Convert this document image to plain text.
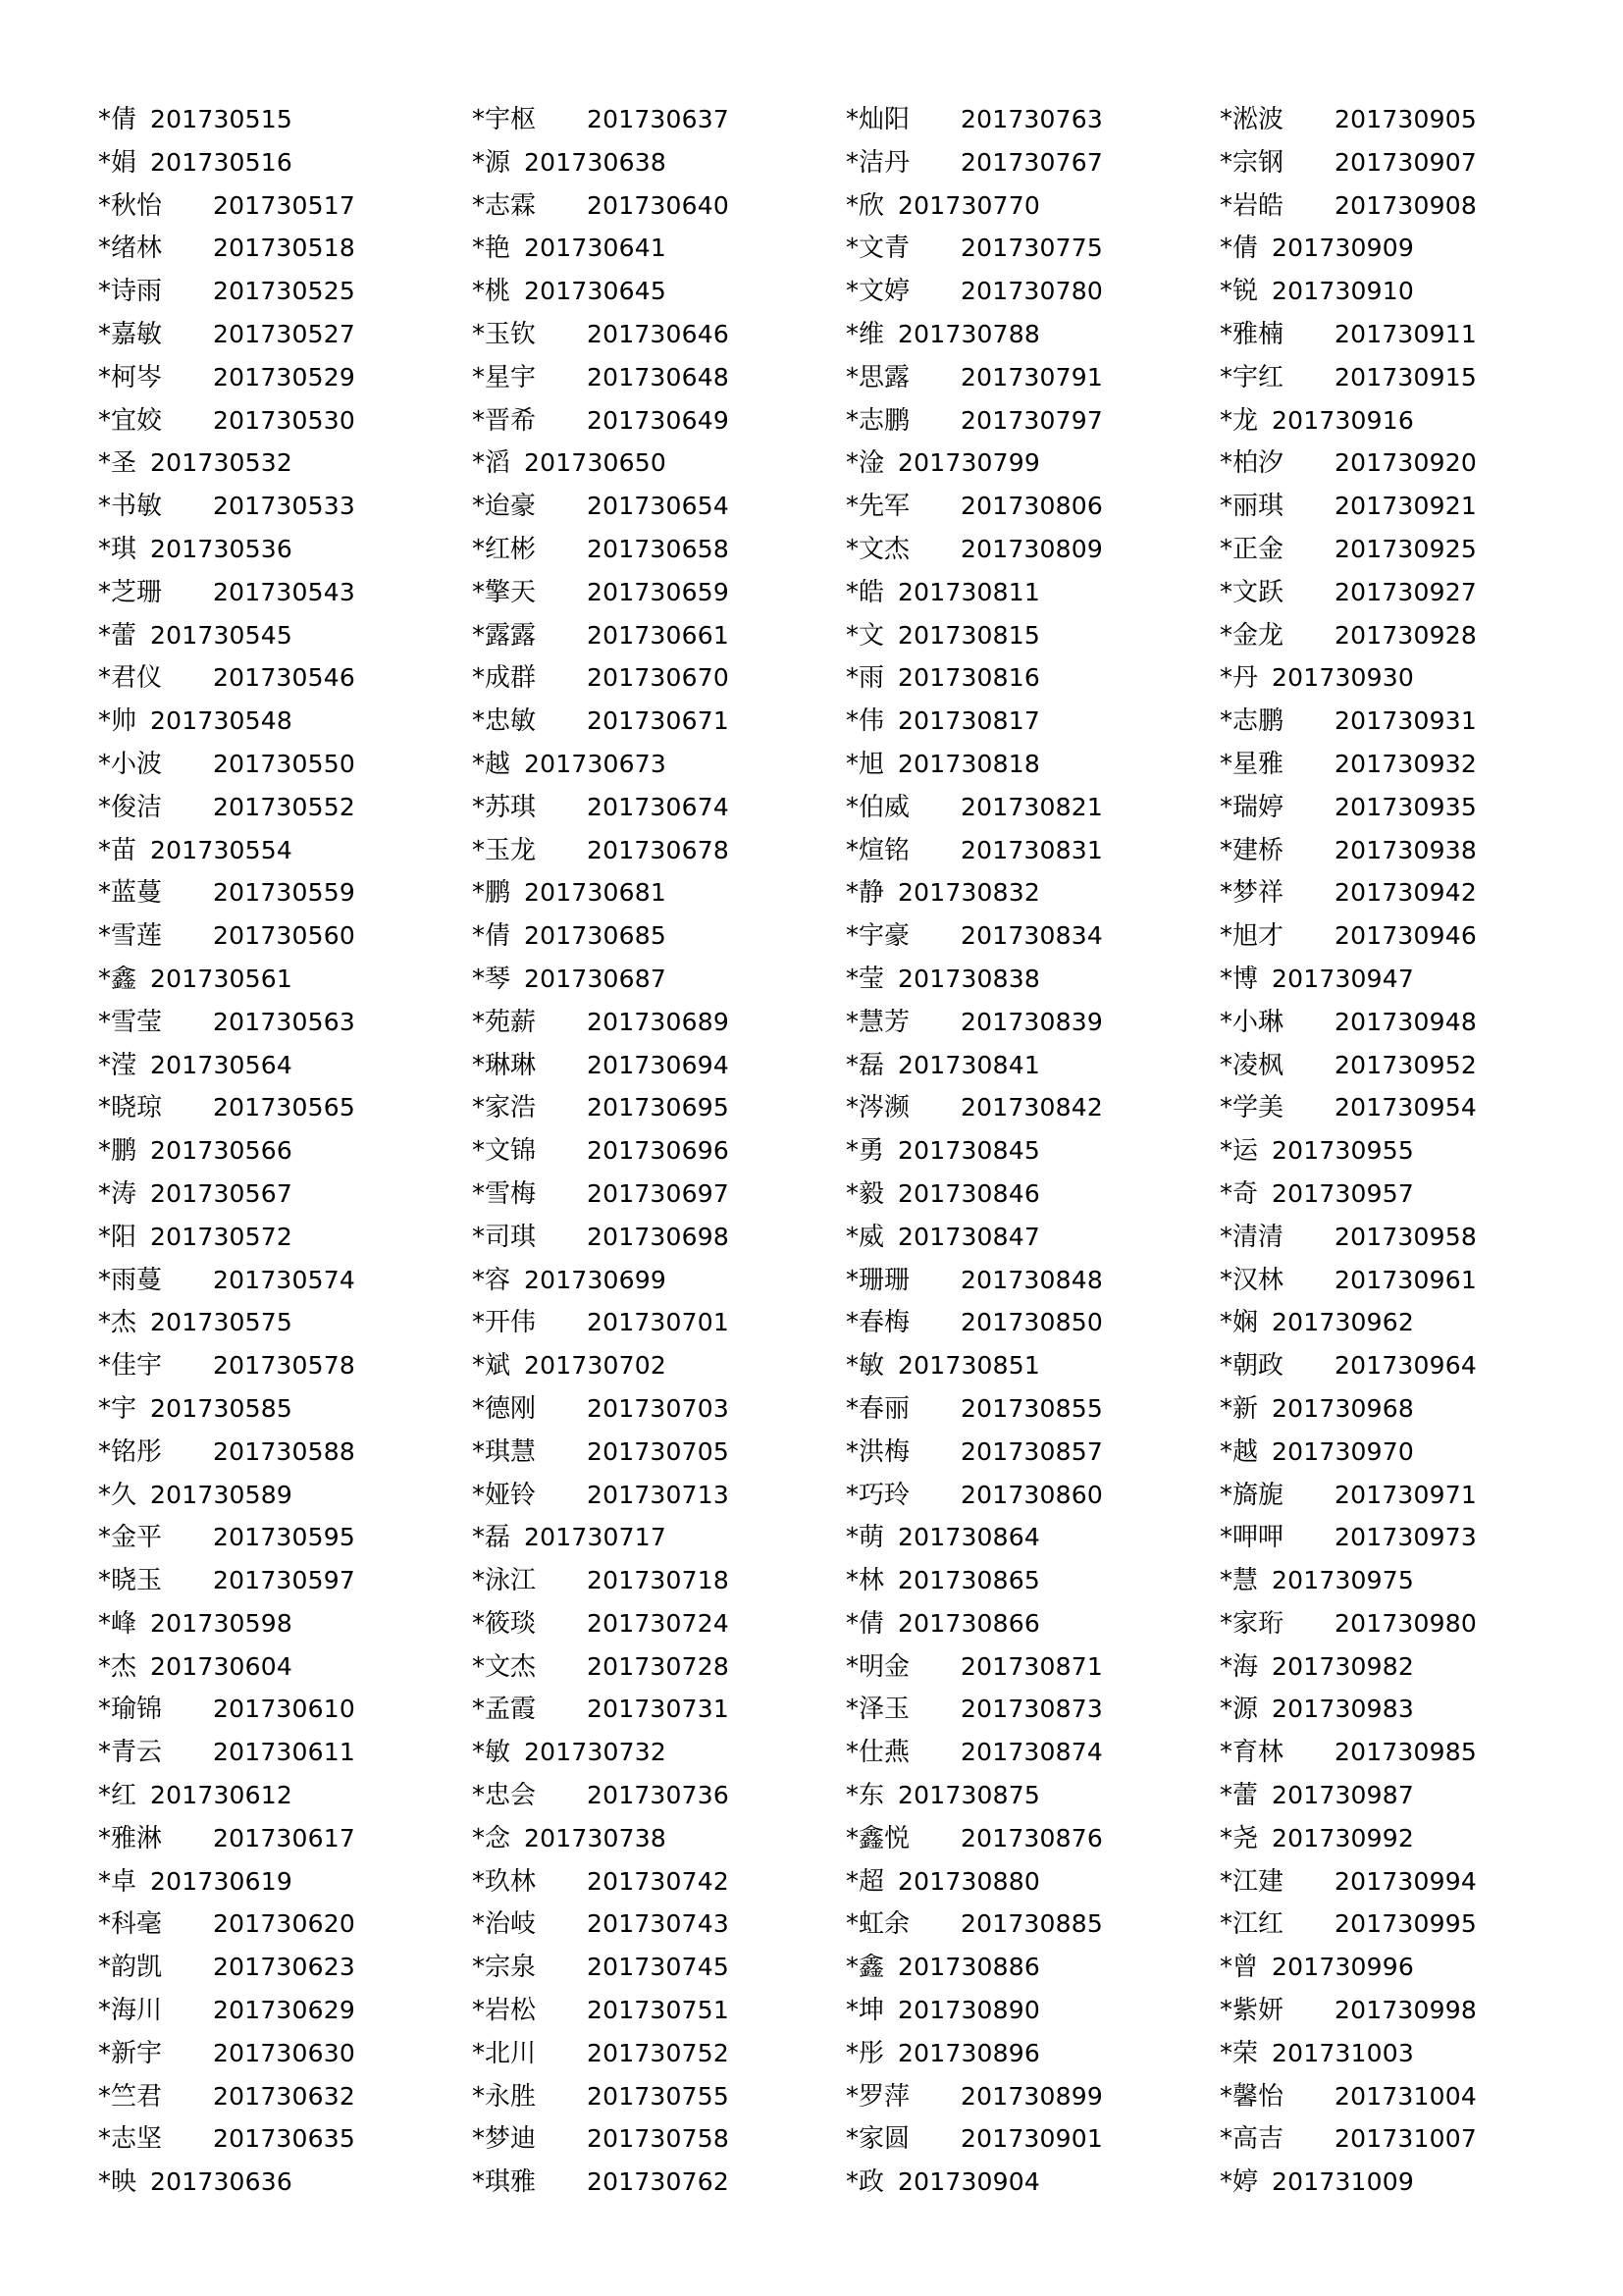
*倩 201730515
*娟 201730516
*秋怡	201730517
*绪林	201730518
*诗雨	201730525
*嘉敏	201730527
*柯岑	201730529
*宜姣	201730530
*圣 201730532
*书敏	201730533
*琪 201730536
*芝珊	201730543
*蕾 201730545
*君仪	201730546
*帅 201730548
*小波	201730550
*俊洁	201730552
*苗 201730554
*蓝蔓	201730559
*雪莲	201730560
*鑫 201730561
*雪莹	201730563
*滢 201730564
*晓琼	201730565
*鹏 201730566
*涛 201730567
*阳 201730572
*雨蔓	201730574
*杰 201730575
*佳宇	201730578
*宇 201730585
*铭彤	201730588
*久 201730589
*金平	201730595
*晓玉	201730597
*峰 201730598
*杰 201730604
*瑜锦	201730610
*青云	201730611
*红 201730612
*雅淋	201730617
*卓 201730619
*科毫	201730620
*韵凯	201730623
*海川	201730629
*新宇	201730630
*竺君	201730632
*志坚	201730635
*映 201730636
*宇枢	201730637
*源 201730638
*志霖	201730640
*艳 201730641
*桃 201730645
*玉钦	201730646
*星宇	201730648
*晋希	201730649
*滔 201730650
*迨豪	201730654
*红彬	201730658
*擎天	201730659
*露露	201730661
*成群	201730670
*忠敏	201730671
*越 201730673
*苏琪	201730674
*玉龙	201730678
*鹏 201730681
*倩 201730685
*琴 201730687
*苑薪	201730689
*琳琳	201730694
*家浩	201730695
*文锦	201730696
*雪梅	201730697
*司琪	201730698
*容 201730699
*开伟	201730701
*斌 201730702
*德刚	201730703
*琪慧	201730705
*娅铃	201730713
*磊 201730717
*泳江	201730718
*筱琰	201730724
*文杰	201730728
*孟霞	201730731
*敏 201730732
*忠会	201730736
*念 201730738
*玖林	201730742
*治岐	201730743
*宗泉	201730745
*岩松	201730751
*北川	201730752
*永胜	201730755
*梦迪	201730758
*琪雅	201730762
*灿阳	201730763
*洁丹	201730767
*欣 201730770
*文青	201730775
*文婷	201730780
*维 201730788
*思露	201730791
*志鹏	201730797
*淦 201730799
*先军	201730806
*文杰	201730809
*皓 201730811
*文 201730815
*雨 201730816
*伟 201730817
*旭 201730818
*伯威	201730821
*煊铭	201730831
*静 201730832
*宇豪	201730834
*莹 201730838
*慧芳	201730839
*磊 201730841
*涔濒	201730842
*勇 201730845
*毅 201730846
*威 201730847
*珊珊	201730848
*春梅	201730850
*敏 201730851
*春丽	201730855
*洪梅	201730857
*巧玲	201730860
*萌 201730864
*林 201730865
*倩 201730866
*明金	201730871
*泽玉	201730873
*仕燕	201730874
*东 201730875
*鑫悦	201730876
*超 201730880
*虹余	201730885
*鑫 201730886
*坤 201730890
*彤 201730896
*罗萍	201730899
*家圆	201730901
*政 201730904
*淞波	201730905
*宗钢	201730907
*岩皓	201730908
*倩 201730909
*锐 201730910
*雅楠	201730911
*宇红	201730915
*龙 201730916
*柏汐	201730920
*丽琪	201730921
*正金	201730925
*文跃	201730927
*金龙	201730928
*丹 201730930
*志鹏	201730931
*星雅	201730932
*瑞婷	201730935
*建桥	201730938
*梦祥	201730942
*旭才	201730946
*博 201730947
*小琳	201730948
*凌枫	201730952
*学美	201730954
*运 201730955
*奇 201730957
*清清	201730958
*汉林	201730961
*娴 201730962
*朝政	201730964
*新 201730968
*越 201730970
*旖旎	201730971
*呷呷	201730973
*慧 201730975
*家珩	201730980
*海 201730982
*源 201730983
*育林	201730985
*蕾 201730987
*尧 201730992
*江建	201730994
*江红	201730995
*曾 201730996
*紫妍	201730998
*荣 201731003
*馨怡	201731004
*高吉	201731007
*婷 201731009
